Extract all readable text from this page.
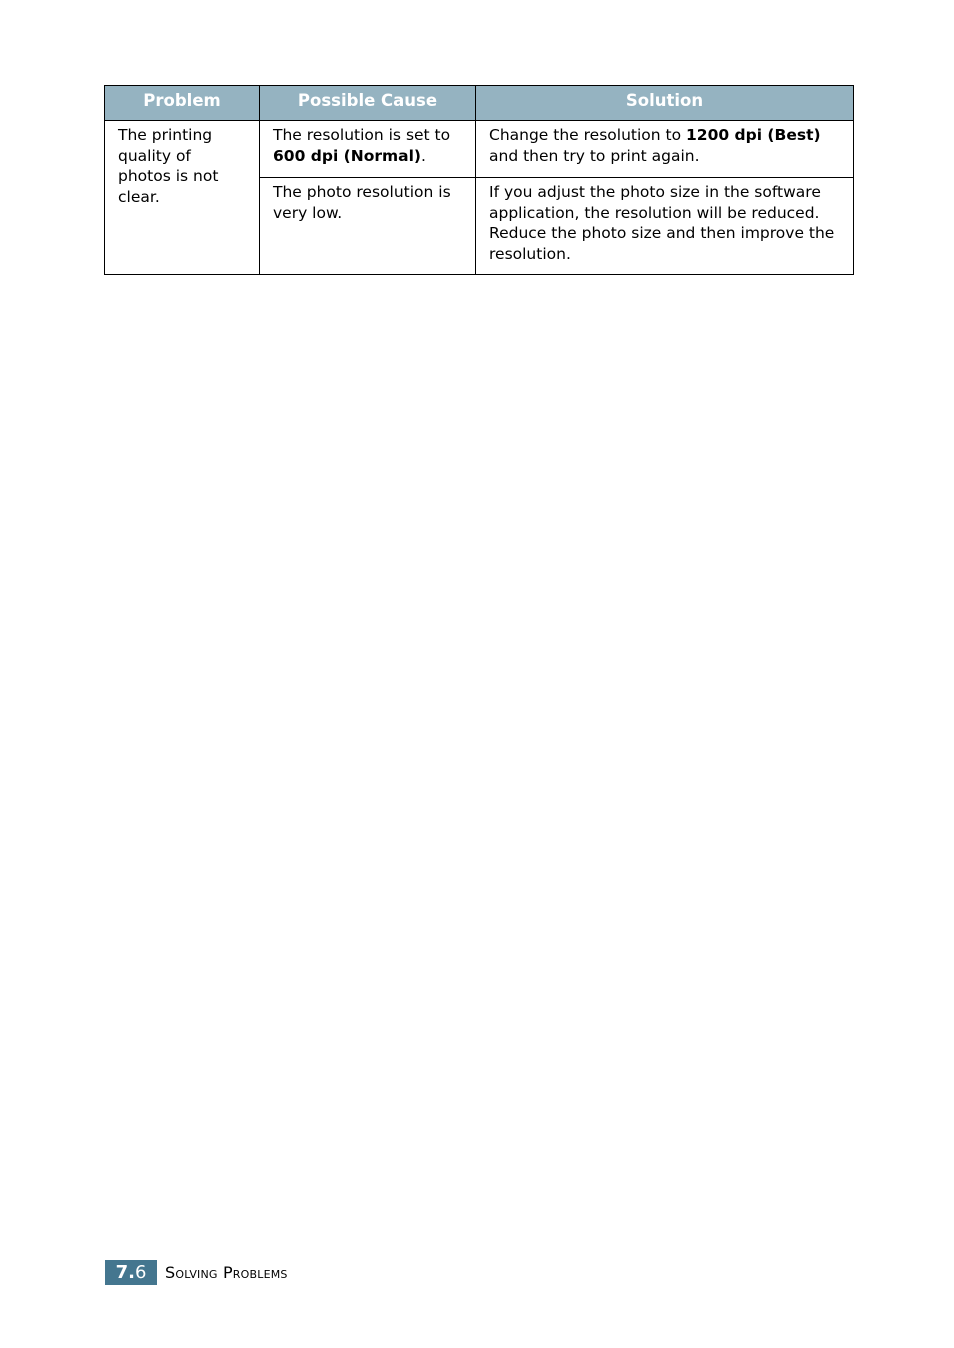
Problem	Possible Cause	Solution
The printing quality of photos is not clear.	The resolution is set to 600 dpi (Normal).	Change the resolution to 1200 dpi (Best) and then try to print again.
	The photo resolution is very low.	If you adjust the photo size in the software application, the resolution will be reduced. Reduce the photo size and then improve the resolution.
7. 6 Solving Problems
